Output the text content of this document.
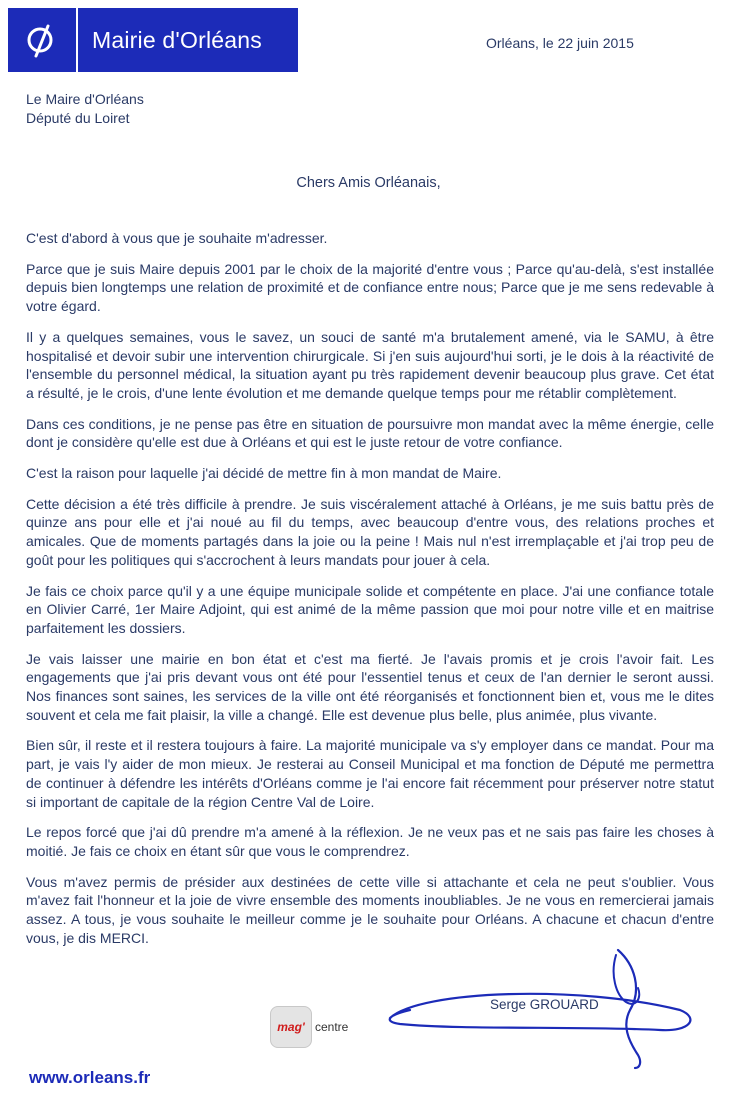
Mairie d'Orléans	Orléans, le 22 juin 2015
Le Maire d'Orléans
Député du Loiret
Chers Amis Orléanais,

C'est d'abord à vous que je souhaite m'adresser.

Parce que je suis Maire depuis 2001 par le choix de la majorité d'entre vous ; Parce qu'au-delà, s'est installée depuis bien longtemps une relation de proximité et de confiance entre nous; Parce que je me sens redevable à votre égard.

Il y a quelques semaines, vous le savez, un souci de santé m'a brutalement amené, via le SAMU, à être hospitalisé et devoir subir une intervention chirurgicale. Si j'en suis aujourd'hui sorti, je le dois à la réactivité de l'ensemble du personnel médical, la situation ayant pu très rapidement devenir beaucoup plus grave. Cet état a résulté, je le crois, d'une lente évolution et me demande quelque temps pour me rétablir complètement.

Dans ces conditions, je ne pense pas être en situation de poursuivre mon mandat avec la même énergie, celle dont je considère qu'elle est due à Orléans et qui est le juste retour de votre confiance.

C'est la raison pour laquelle j'ai décidé de mettre fin à mon mandat de Maire.

Cette décision a été très difficile à prendre. Je suis viscéralement attaché à Orléans, je me suis battu près de quinze ans pour elle et j'ai noué au fil du temps, avec beaucoup d'entre vous, des relations proches et amicales. Que de moments partagés dans la joie ou la peine ! Mais nul n'est irremplaçable et j'ai trop peu de goût pour les politiques qui s'accrochent à leurs mandats pour jouer à cela.

Je fais ce choix parce qu'il y a une équipe municipale solide et compétente en place. J'ai une confiance totale en Olivier Carré, 1er Maire Adjoint, qui est animé de la même passion que moi pour notre ville et en maitrise parfaitement les dossiers.

Je vais laisser une mairie en bon état et c'est ma fierté. Je l'avais promis et je crois l'avoir fait. Les engagements que j'ai pris devant vous ont été pour l'essentiel tenus et ceux de l'an dernier le seront aussi. Nos finances sont saines, les services de la ville ont été réorganisés et fonctionnent bien et, vous me le dites souvent et cela me fait plaisir, la ville a changé. Elle est devenue plus belle, plus animée, plus vivante.

Bien sûr, il reste et il restera toujours à faire. La majorité municipale va s'y employer dans ce mandat. Pour ma part, je vais l'y aider de mon mieux. Je resterai au Conseil Municipal et ma fonction de Député me permettra de continuer à défendre les intérêts d'Orléans comme je l'ai encore fait récemment pour préserver notre statut si important de capitale de la région Centre Val de Loire.

Le repos forcé que j'ai dû prendre m'a amené à la réflexion. Je ne veux pas et ne sais pas faire les choses à moitié. Je fais ce choix en étant sûr que vous le comprendrez.

Vous m'avez permis de présider aux destinées de cette ville si attachante et cela ne peut s'oublier. Vous m'avez fait l'honneur et la joie de vivre ensemble des moments inoubliables. Je ne vous en remercierai jamais assez. A tous, je vous souhaite le meilleur comme je le souhaite pour Orléans. A chacune et chacun d'entre vous, je dis MERCI.

Serge GROUARD
mag' centre
www.orleans.fr
